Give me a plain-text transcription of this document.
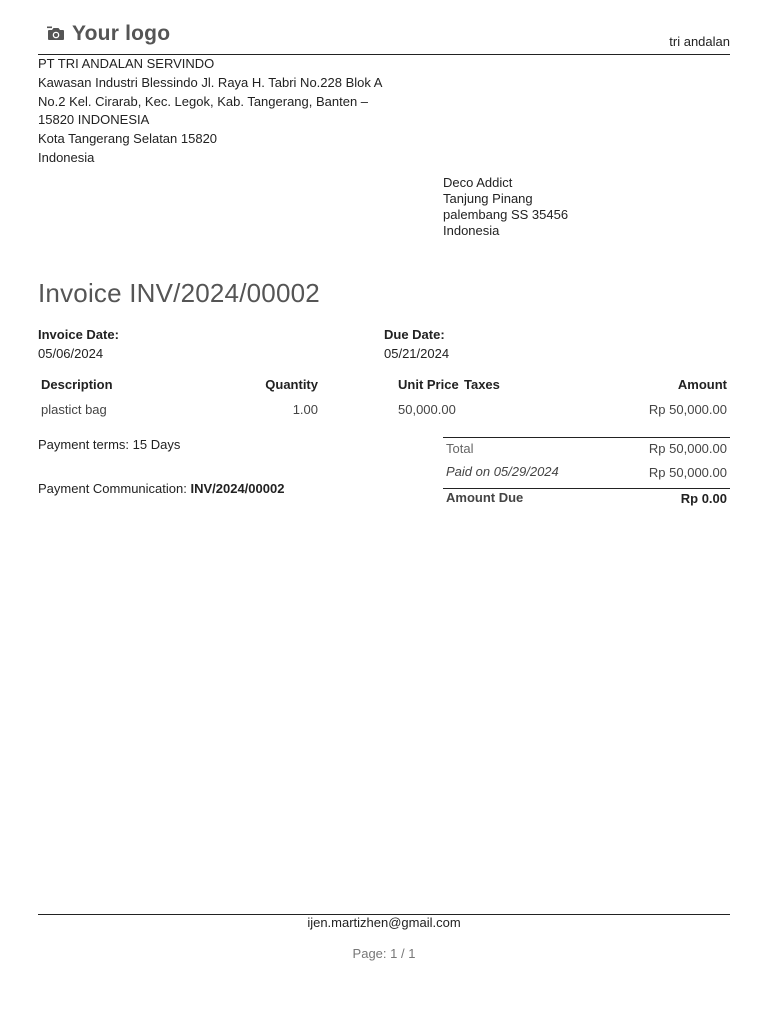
Your logo	tri andalan
PT TRI ANDALAN SERVINDO
Kawasan Industri Blessindo Jl. Raya H. Tabri No.228 Blok A
No.2 Kel. Cirarab, Kec. Legok, Kab. Tangerang, Banten –
15820 INDONESIA
Kota Tangerang Selatan 15820
Indonesia
Deco Addict
Tanjung Pinang
palembang SS 35456
Indonesia
Invoice INV/2024/00002
Invoice Date:
05/06/2024
Due Date:
05/21/2024
Description	Quantity	Unit Price Taxes	Amount
plastict bag	1.00	50,000.00	Rp 50,000.00
Payment terms: 15 Days
Payment Communication: INV/2024/00002
Total	Rp 50,000.00
Paid on 05/29/2024	Rp 50,000.00
Amount Due	Rp 0.00
ijen.martizhen@gmail.com
Page: 1 / 1
